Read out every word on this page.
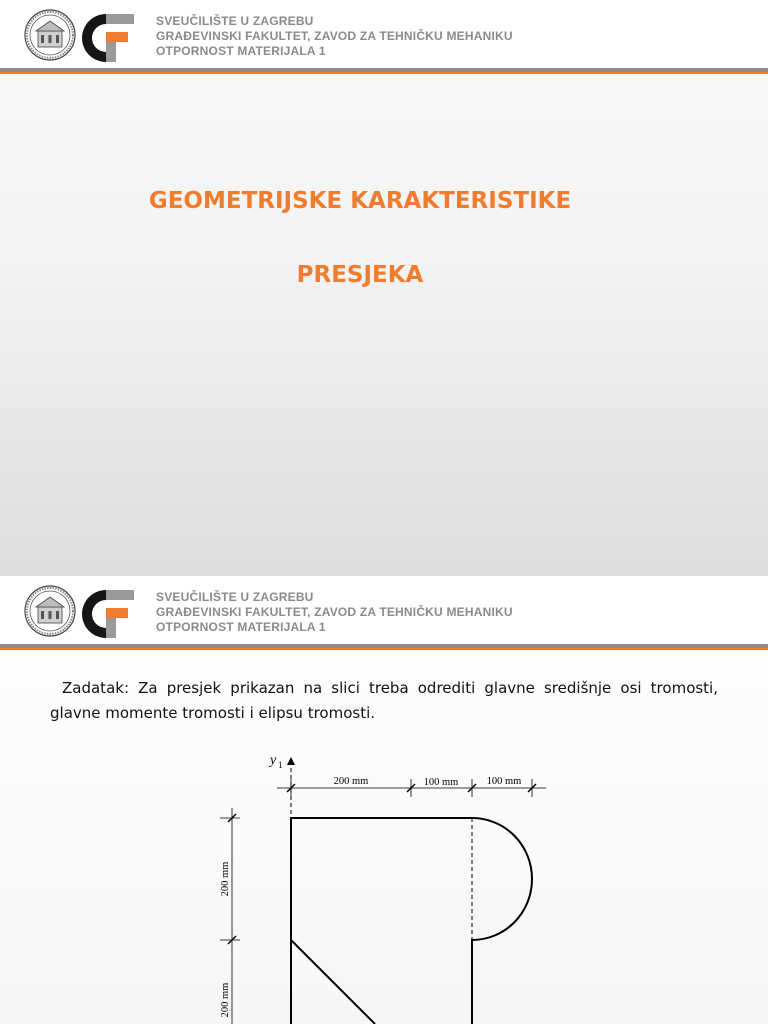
SVEUČILIŠTE U ZAGREBU
GRAĐEVINSKI FAKULTET, ZAVOD ZA TEHNIČKU MEHANIKU
OTPORNOST MATERIJALA 1
GEOMETRIJSKE KARAKTERISTIKE
PRESJEKA
SVEUČILIŠTE U ZAGREBU
GRAĐEVINSKI FAKULTET, ZAVOD ZA TEHNIČKU MEHANIKU
OTPORNOST MATERIJALA 1
Zadatak: Za presjek prikazan na slici treba odrediti glavne središnje osi tromosti, glavne momente tromosti i elipsu tromosti.
y 1
200 mm	100 mm	100 mm
200 mm
200 mm
